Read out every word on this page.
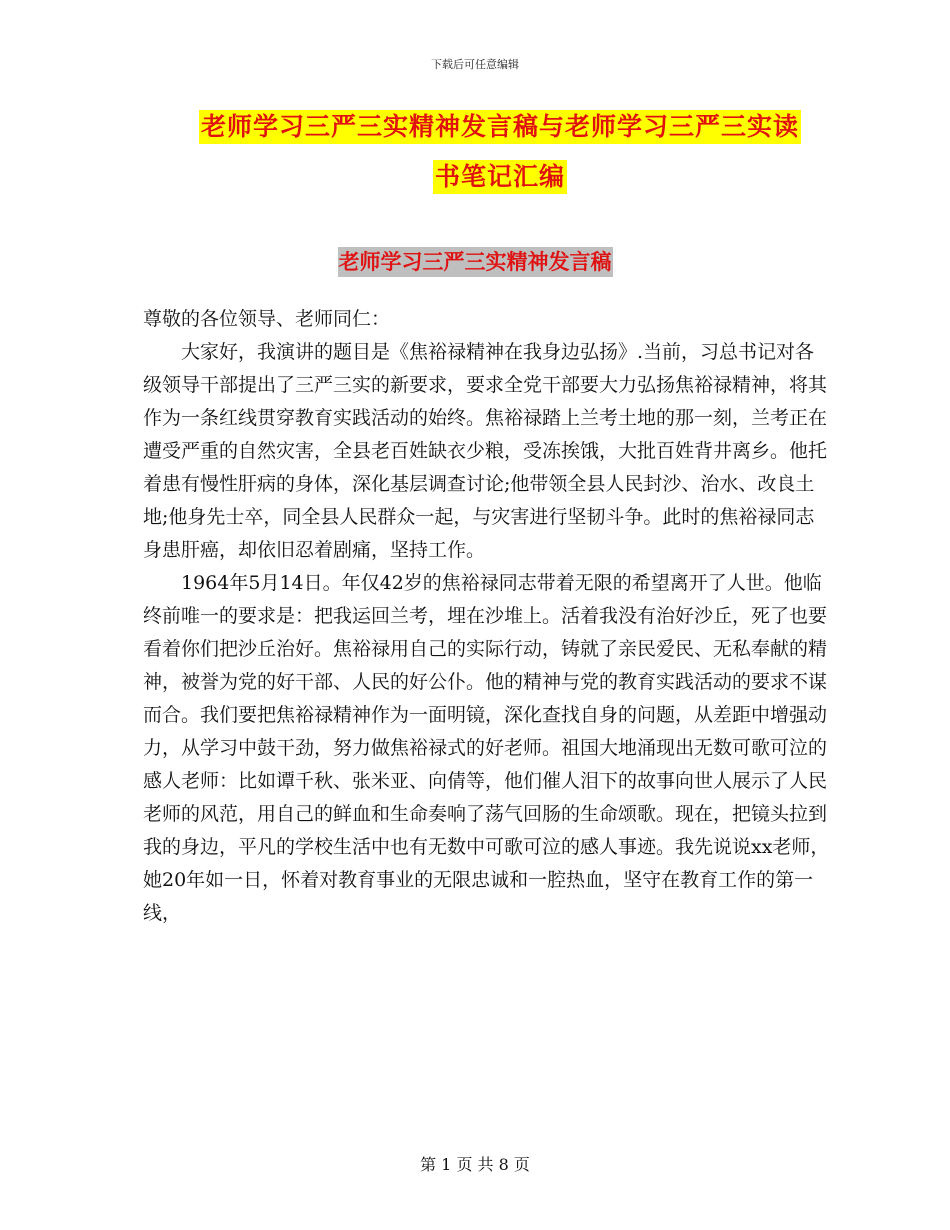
下载后可任意编辑
老师学习三严三实精神发言稿与老师学习三严三实读
书笔记汇编
老师学习三严三实精神发言稿

尊敬的各位领导、老师同仁：

大家好，我演讲的题目是《焦裕禄精神在我身边弘扬》.当前，习总书记对各级领导干部提出了三严三实的新要求，要求全党干部要大力弘扬焦裕禄精神，将其作为一条红线贯穿教育实践活动的始终。焦裕禄踏上兰考土地的那一刻，兰考正在遭受严重的自然灾害，全县老百姓缺衣少粮，受冻挨饿，大批百姓背井离乡。他托着患有慢性肝病的身体，深化基层调查讨论;他带领全县人民封沙、治水、改良土地;他身先士卒，同全县人民群众一起，与灾害进行坚韧斗争。此时的焦裕禄同志身患肝癌，却依旧忍着剧痛，坚持工作。

1964年5月14日。年仅42岁的焦裕禄同志带着无限的希望离开了人世。他临终前唯一的要求是：把我运回兰考，埋在沙堆上。活着我没有治好沙丘，死了也要看着你们把沙丘治好。焦裕禄用自己的实际行动，铸就了亲民爱民、无私奉献的精神，被誉为党的好干部、人民的好公仆。他的精神与党的教育实践活动的要求不谋而合。我们要把焦裕禄精神作为一面明镜，深化查找自身的问题，从差距中增强动力，从学习中鼓干劲，努力做焦裕禄式的好老师。祖国大地涌现出无数可歌可泣的感人老师：比如谭千秋、张米亚、向倩等，他们催人泪下的故事向世人展示了人民老师的风范，用自己的鲜血和生命奏响了荡气回肠的生命颂歌。现在，把镜头拉到我的身边，平凡的学校生活中也有无数中可歌可泣的感人事迹。我先说说xx老师，她20年如一日，怀着对教育事业的无限忠诚和一腔热血，坚守在教育工作的第一线，

第 1 页 共 8 页
